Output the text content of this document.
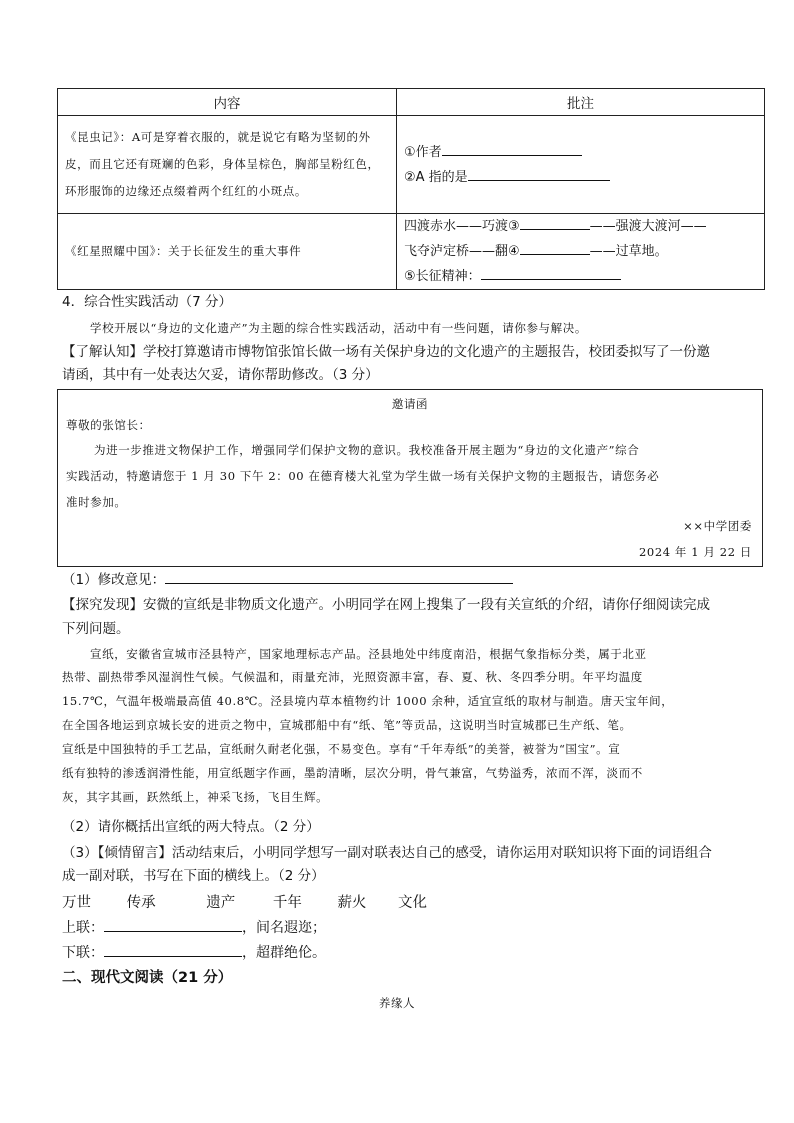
内容	批注

《昆虫记》：A可是穿着衣服的，就是说它有略为坚韧的外皮，而且它还有斑斓的色彩，身体呈棕色，胸部呈粉红色，环形服饰的边缘还点缀着两个红红的小斑点。	①作者
②A 指的是

《红星照耀中国》：关于长征发生的重大事件	四渡赤水——巧渡③ ——强渡大渡河——
飞夺泸定桥——翻④ ——过草地。
⑤长征精神：
4．综合性实践活动（7 分）
学校开展以“身边的文化遗产”为主题的综合性实践活动，活动中有一些问题，请你参与解决。
【了解认知】学校打算邀请市博物馆张馆长做一场有关保护身边的文化遗产的主题报告，校团委拟写了一份邀
请函，其中有一处表达欠妥，请你帮助修改。（3 分）
邀请函
尊敬的张馆长：
为进一步推进文物保护工作，增强同学们保护文物的意识。我校准备开展主题为“身边的文化遗产”综合
实践活动，特邀请您于 1 月 30 下午 2：00 在德育楼大礼堂为学生做一场有关保护文物的主题报告，请您务必
准时参加。
××中学团委
2024 年 1 月 22 日
（1）修改意见：
【探究发现】安微的宣纸是非物质文化遗产。小明同学在网上搜集了一段有关宣纸的介绍，请你仔细阅读完成
下列问题。
宣纸，安徽省宣城市泾县特产，国家地理标志产品。泾县地处中纬度南沿，根据气象指标分类，属于北亚
热带、副热带季风湿润性气候。气候温和，雨量充沛，光照资源丰富，春、夏、秋、冬四季分明。年平均温度
15.7℃，气温年极端最高值 40.8℃。泾县境内草本植物约计 1000 余种，适宜宣纸的取材与制造。唐天宝年间，
在全国各地运到京城长安的进贡之物中，宣城郡船中有“纸、笔”等贡品，这说明当时宣城郡已生产纸、笔。
宣纸是中国独特的手工艺品，宣纸耐久耐老化强，不易变色。享有“千年寿纸”的美誉，被誉为“国宝”。宣
纸有独特的渗透润滑性能，用宣纸题字作画，墨韵清晰，层次分明，骨气兼富，气势溢秀，浓而不浑，淡而不
灰，其字其画，跃然纸上，神采飞扬，飞目生辉。
（2）请你概括出宣纸的两大特点。（2 分）
（3）【倾情留言】活动结束后，小明同学想写一副对联表达自己的感受，请你运用对联知识将下面的词语组合
成一副对联，书写在下面的横线上。（2 分）
万世 传承	遗产	千年 薪火 文化
上联：	，间名遐迩；
下联：	，超群绝伦。
二、现代文阅读（21 分）
养缘人
